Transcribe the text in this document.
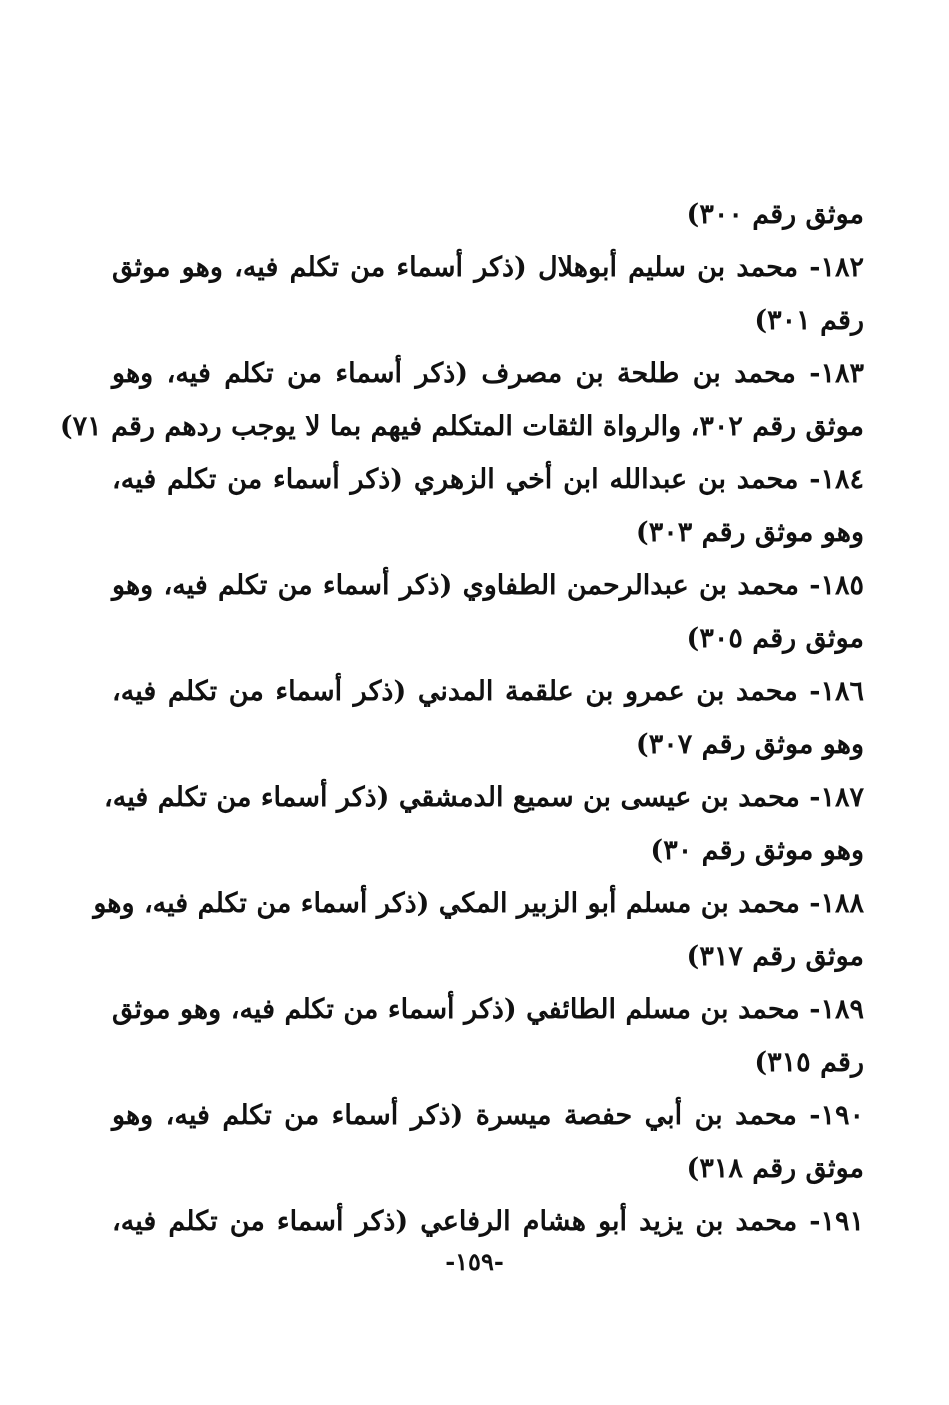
موثق رقم ٣٠٠)
١٨٢- محمد بن سليم أبوهلال (ذكر أسماء من تكلم فيه، وهو موثق
رقم ٣٠١)
١٨٣- محمد بن طلحة بن مصرف (ذكر أسماء من تكلم فيه، وهو
موثق رقم ٣٠٢، والرواة الثقات المتكلم فيهم بما لا يوجب ردهم رقم ٧١)
١٨٤- محمد بن عبدالله ابن أخي الزهري (ذكر أسماء من تكلم فيه،
وهو موثق رقم ٣٠٣)
١٨٥- محمد بن عبدالرحمن الطفاوي (ذكر أسماء من تكلم فيه، وهو
موثق رقم ٣٠٥)
١٨٦- محمد بن عمرو بن علقمة المدني (ذكر أسماء من تكلم فيه،
وهو موثق رقم ٣٠٧)
١٨٧- محمد بن عيسى بن سميع الدمشقي (ذكر أسماء من تكلم فيه،
وهو موثق رقم ٣٠)
١٨٨- محمد بن مسلم أبو الزبير المكي (ذكر أسماء من تكلم فيه، وهو
موثق رقم ٣١٧)
١٨٩- محمد بن مسلم الطائفي (ذكر أسماء من تكلم فيه، وهو موثق
رقم ٣١٥)
١٩٠- محمد بن أبي حفصة ميسرة (ذكر أسماء من تكلم فيه، وهو
موثق رقم ٣١٨)
١٩١- محمد بن يزيد أبو هشام الرفاعي (ذكر أسماء من تكلم فيه،
-١٥٩-
